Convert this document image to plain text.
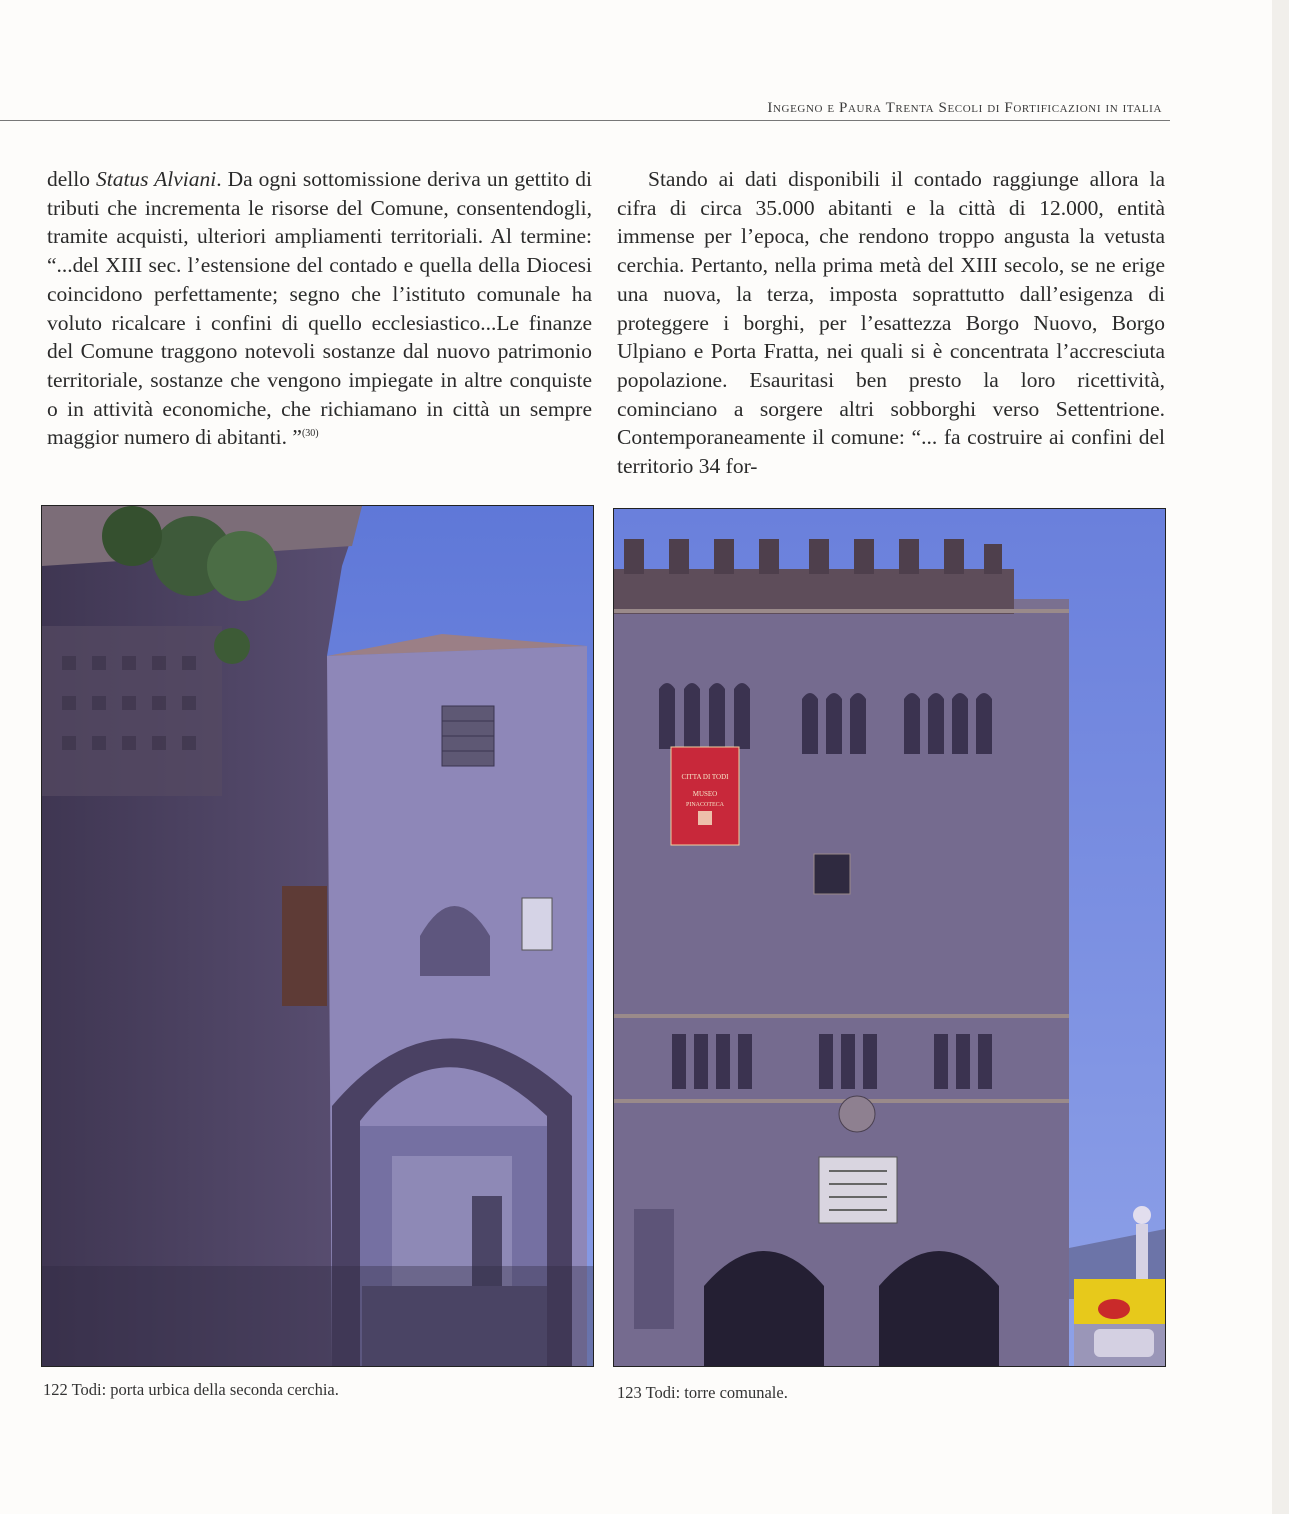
Ingegno e Paura Trenta Secoli di Fortificazioni in italia

dello Status Alviani. Da ogni sottomissione deriva un gettito di tributi che incrementa le risorse del Comune, consentendogli, tramite acquisti, ulteriori ampliamenti territoriali. Al termine: “...del XIII sec. l’estensione del contado e quella della Diocesi coincidono perfettamente; segno che l’istituto comunale ha voluto ricalcare i confini di quello ecclesiastico...Le finanze del Comune traggono notevoli sostanze dal nuovo patrimonio territoriale, sostanze che vengono impiegate in altre conquiste o in attività economiche, che richiamano in città un sempre maggior numero di abitanti. ”$^{(30)}$

Stando ai dati disponibili il contado raggiunge allora la cifra di circa 35.000 abitanti e la città di 12.000, entità immense per l’epoca, che rendono troppo angusta la vetusta cerchia. Pertanto, nella prima metà del XIII secolo, se ne erige una nuova, la terza, imposta soprattutto dall’esigenza di proteggere i borghi, per l’esattezza Borgo Nuovo, Borgo Ulpiano e Porta Fratta, nei quali si è concentrata l’accresciuta popolazione. Esauritasi ben presto la loro ricettività, cominciano a sorgere altri sobborghi verso Settentrione. Contemporaneamente il comune: “... fa costruire ai confini del territorio 34 for-

CITTA DI TODI
MUSEO
PINACOTECA
122 Todi: porta urbica della seconda cerchia.	123 Todi: torre comunale.
